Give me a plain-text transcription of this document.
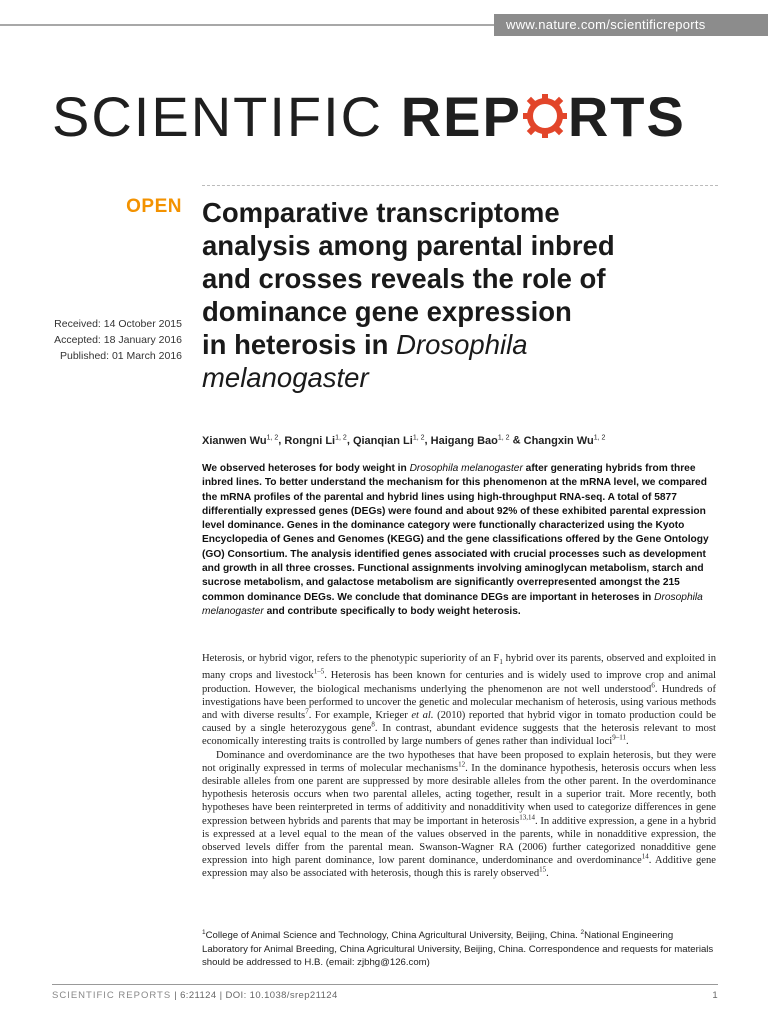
www.nature.com/scientificreports
SCIENTIFIC REP RTS
OPEN
Received: 14 October 2015
Accepted: 18 January 2016
Published: 01 March 2016
Comparative transcriptome
analysis among parental inbred
and crosses reveals the role of
dominance gene expression
in heterosis in Drosophila
melanogaster
Xianwen Wu$^{1, 2}$, Rongni Li$^{1, 2}$, Qianqian Li$^{1, 2}$, Haigang Bao$^{1, 2}$ & Changxin Wu$^{1, 2}$

We observed heteroses for body weight in Drosophila melanogaster after generating hybrids from three inbred lines. To better understand the mechanism for this phenomenon at the mRNA level, we compared the mRNA profiles of the parental and hybrid lines using high-throughput RNA-seq. A total of 5877 differentially expressed genes (DEGs) were found and about 92% of these exhibited parental expression level dominance. Genes in the dominance category were functionally characterized using the Kyoto Encyclopedia of Genes and Genomes (KEGG) and the gene classifications offered by the Gene Ontology (GO) Consortium. The analysis identified genes associated with crucial processes such as development and growth in all three crosses. Functional assignments involving aminoglycan metabolism, starch and sucrose metabolism, and galactose metabolism are significantly overrepresented amongst the 215 common dominance DEGs. We conclude that dominance DEGs are important in heteroses in Drosophila melanogaster and contribute specifically to body weight heterosis.

Heterosis, or hybrid vigor, refers to the phenotypic superiority of an $F_1$ hybrid over its parents, observed and exploited in many crops and livestock$^{1-5}$. Heterosis has been known for centuries and is widely used to improve crop and animal production. However, the biological mechanisms underlying the phenomenon are not well understood$^6$. Hundreds of investigations have been performed to uncover the genetic and molecular mechanism of heterosis, using various methods and with diverse results$^7$. For example, Krieger et al. (2010) reported that hybrid vigor in tomato production could be caused by a single heterozygous gene$^8$. In contrast, abundant evidence suggests that the heterosis relevant to most economically interesting traits is controlled by large numbers of genes rather than individual loci$^{9-11}$.

Dominance and overdominance are the two hypotheses that have been proposed to explain heterosis, but they were not originally expressed in terms of molecular mechanisms$^{12}$. In the dominance hypothesis, heterosis occurs when less desirable alleles from one parent are suppressed by more desirable alleles from the other parent. In the overdominance hypothesis heterosis occurs when two parental alleles, acting together, result in a superior trait. More recently, both hypotheses have been reinterpreted in terms of additivity and nonadditivity when used to categorize differences in gene expression between hybrids and parents that may be important in heterosis$^{13,14}$. In additive expression, a gene in a hybrid is expressed at a level equal to the mean of the values observed in the parents, while in nonadditive expression, the observed levels differ from the parental mean. Swanson-Wagner RA (2006) further categorized nonadditive gene expression into high parent dominance, low parent dominance, underdominance and overdominance$^{14}$. Additive gene expression may also be associated with heterosis, though this is rarely observed$^{15}$.

$^1$College of Animal Science and Technology, China Agricultural University, Beijing, China. $^2$National Engineering Laboratory for Animal Breeding, China Agricultural University, Beijing, China. Correspondence and requests for materials should be addressed to H.B. (email: zjbhg@126.com)
SCIENTIFIC REPORTS | 6:21124 | DOI: 10.1038/srep21124	1
